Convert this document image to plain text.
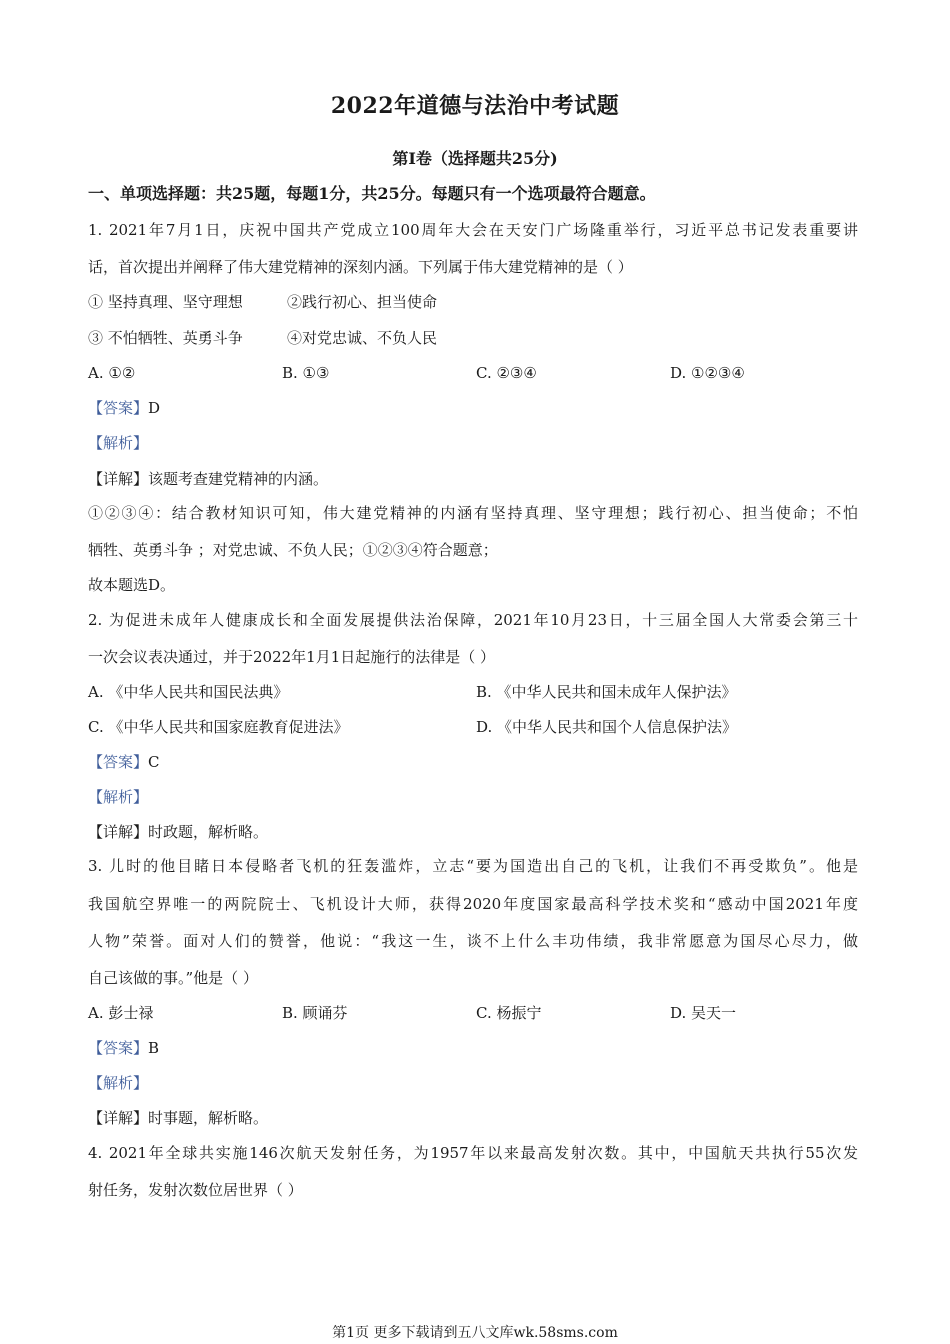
2022年道德与法治中考试题
第I卷（选择题共25分)
一、单项选择题：共25题，每题1分，共25分。每题只有一个选项最符合题意。
1. 2021年7月1日，庆祝中国共产党成立100周年大会在天安门广场隆重举行，习近平总书记发表重要讲
话，首次提出并阐释了伟大建党精神的深刻内涵。下列属于伟大建党精神的是（ ）
① 坚持真理、坚守理想	②践行初心、担当使命
③ 不怕牺牲、英勇斗争	④对党忠诚、不负人民
A. ①②	B. ①③	C. ②③④	D. ①②③④
【答案】D
【解析】
【详解】该题考查建党精神的内涵。
①②③④：结合教材知识可知，伟大建党精神的内涵有坚持真理、坚守理想；践行初心、担当使命；不怕
牺牲、英勇斗争 ；对党忠诚、不负人民；①②③④符合题意；
故本题选D。
2. 为促进未成年人健康成长和全面发展提供法治保障，2021年10月23日，十三届全国人大常委会第三十
一次会议表决通过，并于2022年1月1日起施行的法律是（ ）
A. 《中华人民共和国民法典》	B. 《中华人民共和国未成年人保护法》
C. 《中华人民共和国家庭教育促进法》	D. 《中华人民共和国个人信息保护法》
【答案】C
【解析】
【详解】时政题，解析略。
3. 儿时的他目睹日本侵略者飞机的狂轰滥炸，立志“要为国造出自己的飞机，让我们不再受欺负”。他是
我国航空界唯一的两院院士、飞机设计大师，获得2020年度国家最高科学技术奖和“感动中国2021年度
人物”荣誉。面对人们的赞誉，他说：“我这一生，谈不上什么丰功伟绩，我非常愿意为国尽心尽力，做
自己该做的事。”他是（ ）
A. 彭士禄	B. 顾诵芬	C. 杨振宁	D. 吴天一
【答案】B
【解析】
【详解】时事题，解析略。
4. 2021年全球共实施146次航天发射任务，为1957年以来最高发射次数。其中，中国航天共执行55次发
射任务，发射次数位居世界（ ）
第1页 更多下载请到五八文库wk.58sms.com
